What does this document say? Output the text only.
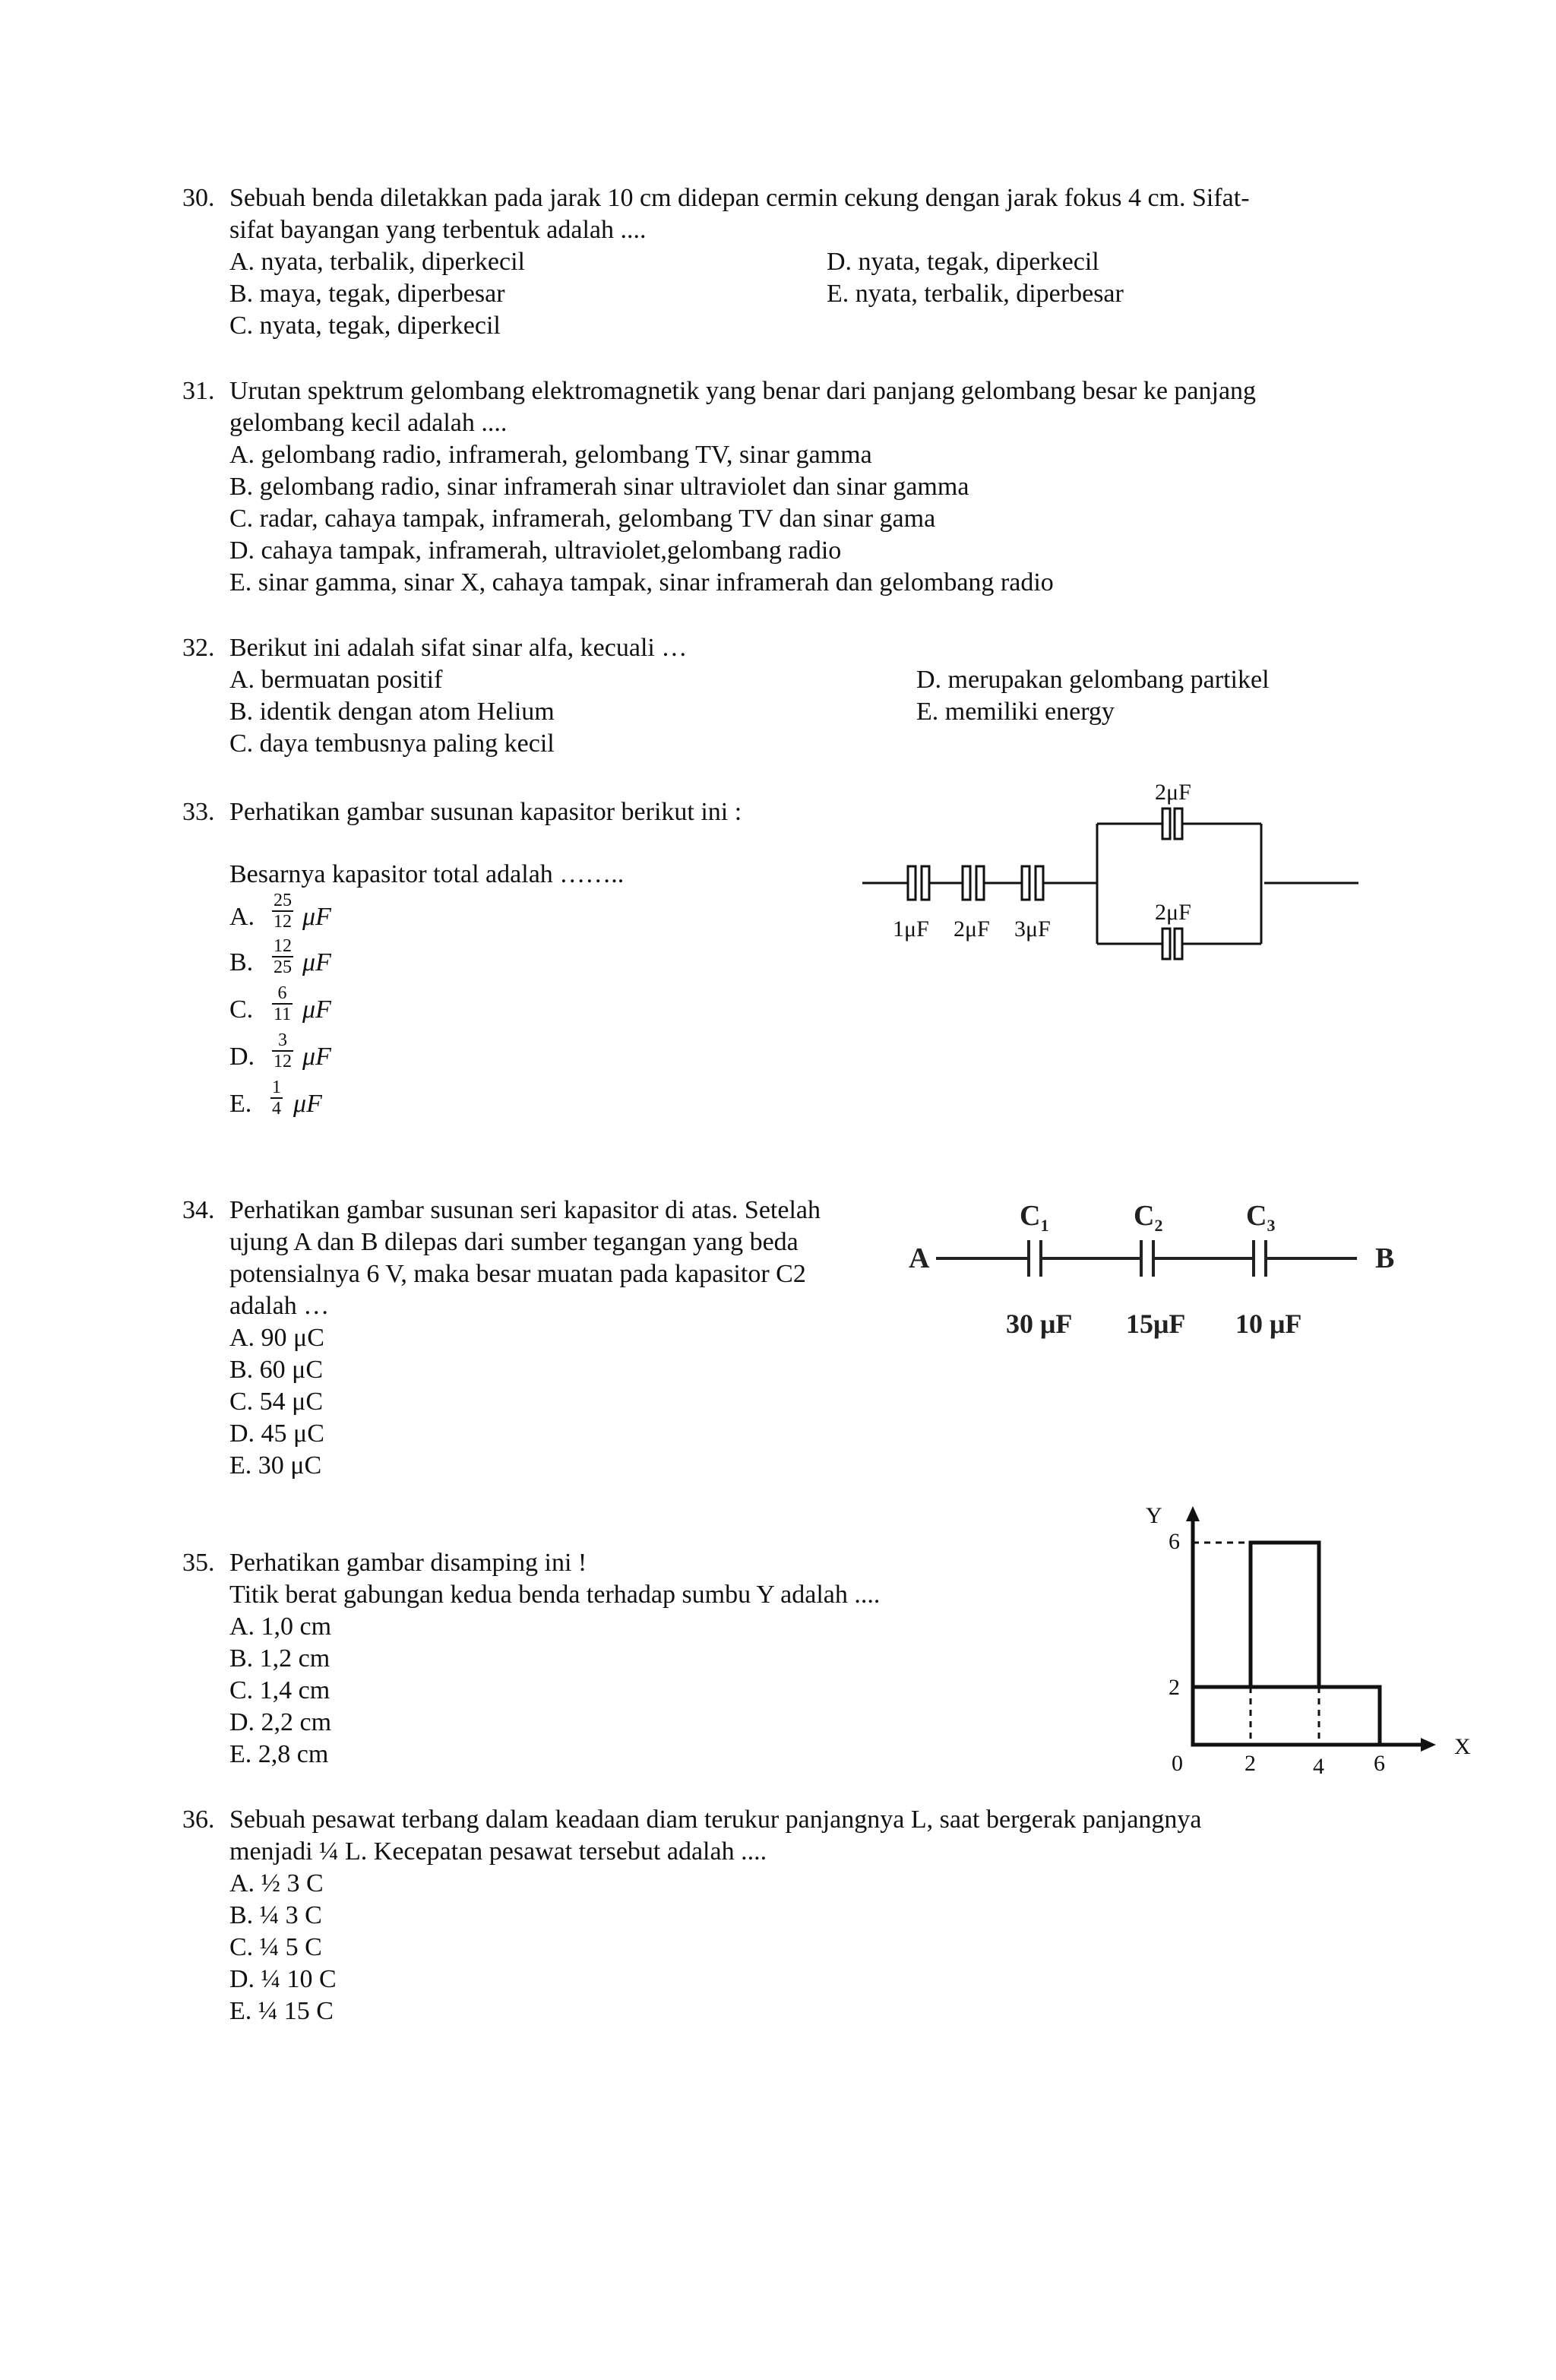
30. Sebuah benda diletakkan pada jarak 10 cm didepan cermin cekung dengan jarak fokus 4 cm. Sifat-
sifat bayangan yang terbentuk adalah ....
A. nyata, terbalik, diperkecil
B. maya, tegak, diperbesar
C. nyata, tegak, diperkecil
D. nyata, tegak, diperkecil
E. nyata, terbalik, diperbesar
31. Urutan spektrum gelombang elektromagnetik yang benar dari panjang gelombang besar ke panjang
gelombang kecil adalah ....
A. gelombang radio, inframerah, gelombang TV, sinar gamma
B. gelombang radio, sinar inframerah sinar ultraviolet dan sinar gamma
C. radar, cahaya tampak, inframerah, gelombang TV dan sinar gama
D. cahaya tampak, inframerah, ultraviolet,gelombang radio
E. sinar gamma, sinar X, cahaya tampak, sinar inframerah dan gelombang radio
32. Berikut ini adalah sifat sinar alfa, kecuali …
A. bermuatan positif
B. identik dengan atom Helium
C. daya tembusnya paling kecil
D. merupakan gelombang partikel
E. memiliki energy
33. Perhatikan gambar susunan kapasitor berikut ini :
Besarnya kapasitor total adalah ……..
A. $\frac{25}{12}$ μF
B. $\frac{12}{25}$ μF
C. $\frac{6}{11}$ μF
D. $\frac{3}{12}$ μF
E. $\frac{1}{4}$ μF
1μF 2μF 3μF
2μF
2μF
34. Perhatikan gambar susunan seri kapasitor di atas. Setelah
ujung A dan B dilepas dari sumber tegangan yang beda
potensialnya 6 V, maka besar muatan pada kapasitor C2
adalah …
A. 90 μC
B. 60 μC
C. 54 μC
D. 45 μC
E. 30 μC
A	B
$C_1$	$C_2$	$C_3$
30 μF 15μF 10 μF
35. Perhatikan gambar disamping ini !
Titik berat gabungan kedua benda terhadap sumbu Y adalah ....
A. 1,0 cm
B. 1,2 cm
C. 1,4 cm
D. 2,2 cm
E. 2,8 cm
Y
X
6
2
0	2	4 6
36. Sebuah pesawat terbang dalam keadaan diam terukur panjangnya L, saat bergerak panjangnya
menjadi ¼ L. Kecepatan pesawat tersebut adalah ....
A. ½ 3 C
B. ¼ 3 C
C. ¼ 5 C
D. ¼ 10 C
E. ¼ 15 C
